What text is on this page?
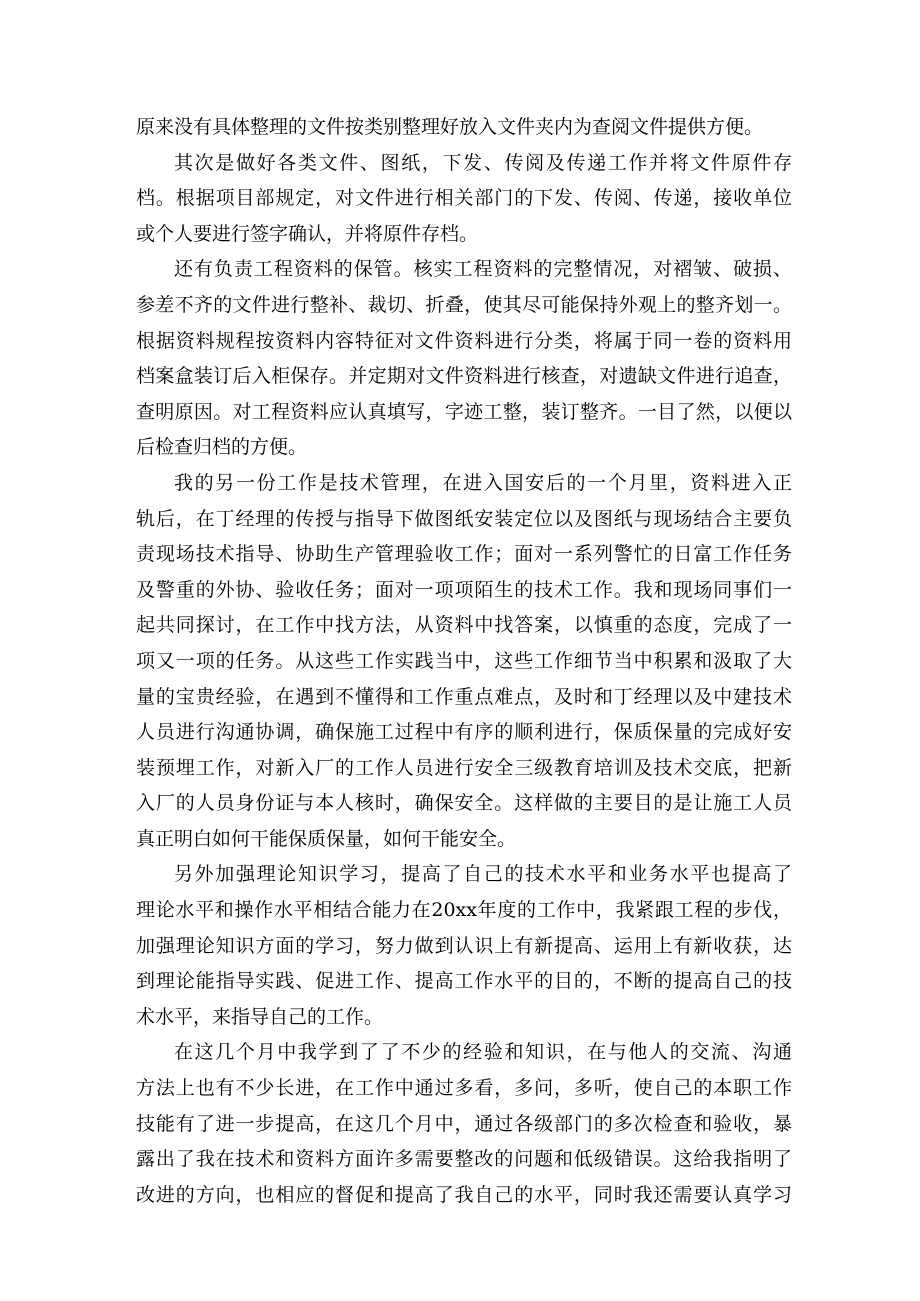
原来没有具体整理的文件按类别整理好放入文件夹内为查阅文件提供方便。
其次是做好各类文件、图纸，下发、传阅及传递工作并将文件原件存
档。根据项目部规定，对文件进行相关部门的下发、传阅、传递，接收单位
或个人要进行签字确认，并将原件存档。
还有负责工程资料的保管。核实工程资料的完整情况，对褶皱、破损、
参差不齐的文件进行整补、裁切、折叠，使其尽可能保持外观上的整齐划一。
根据资料规程按资料内容特征对文件资料进行分类，将属于同一卷的资料用
档案盒装订后入柜保存。并定期对文件资料进行核查，对遗缺文件进行追查，
查明原因。对工程资料应认真填写，字迹工整，装订整齐。一目了然，以便以
后检查归档的方便。
我的另一份工作是技术管理，在进入国安后的一个月里，资料进入正
轨后，在丁经理的传授与指导下做图纸安装定位以及图纸与现场结合主要负
责现场技术指导、协助生产管理验收工作；面对一系列警忙的日富工作任务
及警重的外协、验收任务；面对一项项陌生的技术工作。我和现场同事们一
起共同探讨，在工作中找方法，从资料中找答案，以慎重的态度，完成了一
项又一项的任务。从这些工作实践当中，这些工作细节当中积累和汲取了大
量的宝贵经验，在遇到不懂得和工作重点难点，及时和丁经理以及中建技术
人员进行沟通协调，确保施工过程中有序的顺利进行，保质保量的完成好安
装预埋工作，对新入厂的工作人员进行安全三级教育培训及技术交底，把新
入厂的人员身份证与本人核时，确保安全。这样做的主要目的是让施工人员
真正明白如何干能保质保量，如何干能安全。
另外加强理论知识学习，提高了自己的技术水平和业务水平也提高了
理论水平和操作水平相结合能力在20xx年度的工作中，我紧跟工程的步伐，
加强理论知识方面的学习，努力做到认识上有新提高、运用上有新收获，达
到理论能指导实践、促进工作、提高工作水平的目的，不断的提高自己的技
术水平，来指导自己的工作。
在这几个月中我学到了了不少的经验和知识，在与他人的交流、沟通
方法上也有不少长进，在工作中通过多看，多问，多听，使自己的本职工作
技能有了进一步提高，在这几个月中，通过各级部门的多次检查和验收，暴
露出了我在技术和资料方面许多需要整改的问题和低级错误。这给我指明了
改进的方向，也相应的督促和提高了我自己的水平，同时我还需要认真学习
